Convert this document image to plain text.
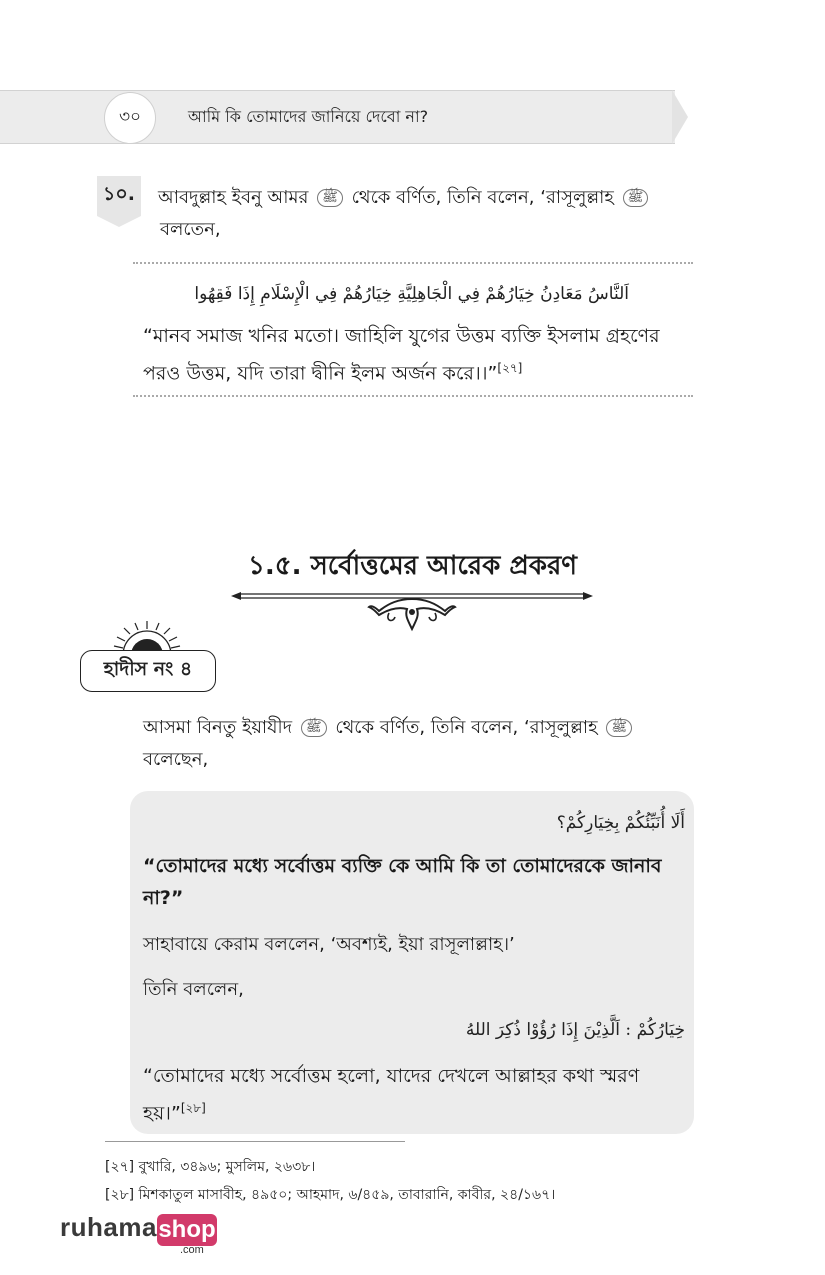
৩০	আমি কি তোমাদের জানিয়ে দেবো না?
১০.	আবদুল্লাহ ইবনু আমর ﷺ থেকে বর্ণিত, তিনি বলেন, ‘রাসূলুল্লাহ ﷺ
বলতেন,
اَلنَّاسُ مَعَادِنُ خِيَارُهُمْ فِي الْجَاهِلِيَّةِ خِيَارُهُمْ فِي الْإِسْلَامِ إِذَا فَقِهُوا
“মানব সমাজ খনির মতো। জাহিলি যুগের উত্তম ব্যক্তি ইসলাম গ্রহণের
পরও উত্তম, যদি তারা দ্বীনি ইলম অর্জন করে।।”[২৭]
১.৫. সর্বোত্তমের আরেক প্রকরণ
হাদীস নং ৪
আসমা বিনতু ইয়াযীদ ﷺ থেকে বর্ণিত, তিনি বলেন, ‘রাসূলুল্লাহ ﷺ
বলেছেন,
أَلَا أُنَبِّئُكُمْ بِخِيَارِكُمْ؟
“তোমাদের মধ্যে সর্বোত্তম ব্যক্তি কে আমি কি তা তোমাদেরকে জানাব
না?”
সাহাবায়ে কেরাম বললেন, ‘অবশ্যই, ইয়া রাসূলাল্লাহ।’
তিনি বললেন,
خِيَارُكُمْ : اَلَّذِيْنَ إِذَا رُؤُوْا ذُكِرَ اللهُ
“তোমাদের মধ্যে সর্বোত্তম হলো, যাদের দেখলে আল্লাহর কথা স্মরণ
হয়।”[২৮]
[২৭] বুখারি, ৩৪৯৬; মুসলিম, ২৬৩৮।
[২৮] মিশকাতুল মাসাবীহ, ৪৯৫০; আহমাদ, ৬/৪৫৯, তাবারানি, কাবীর, ২৪/১৬৭।
ruhama shop
.com
